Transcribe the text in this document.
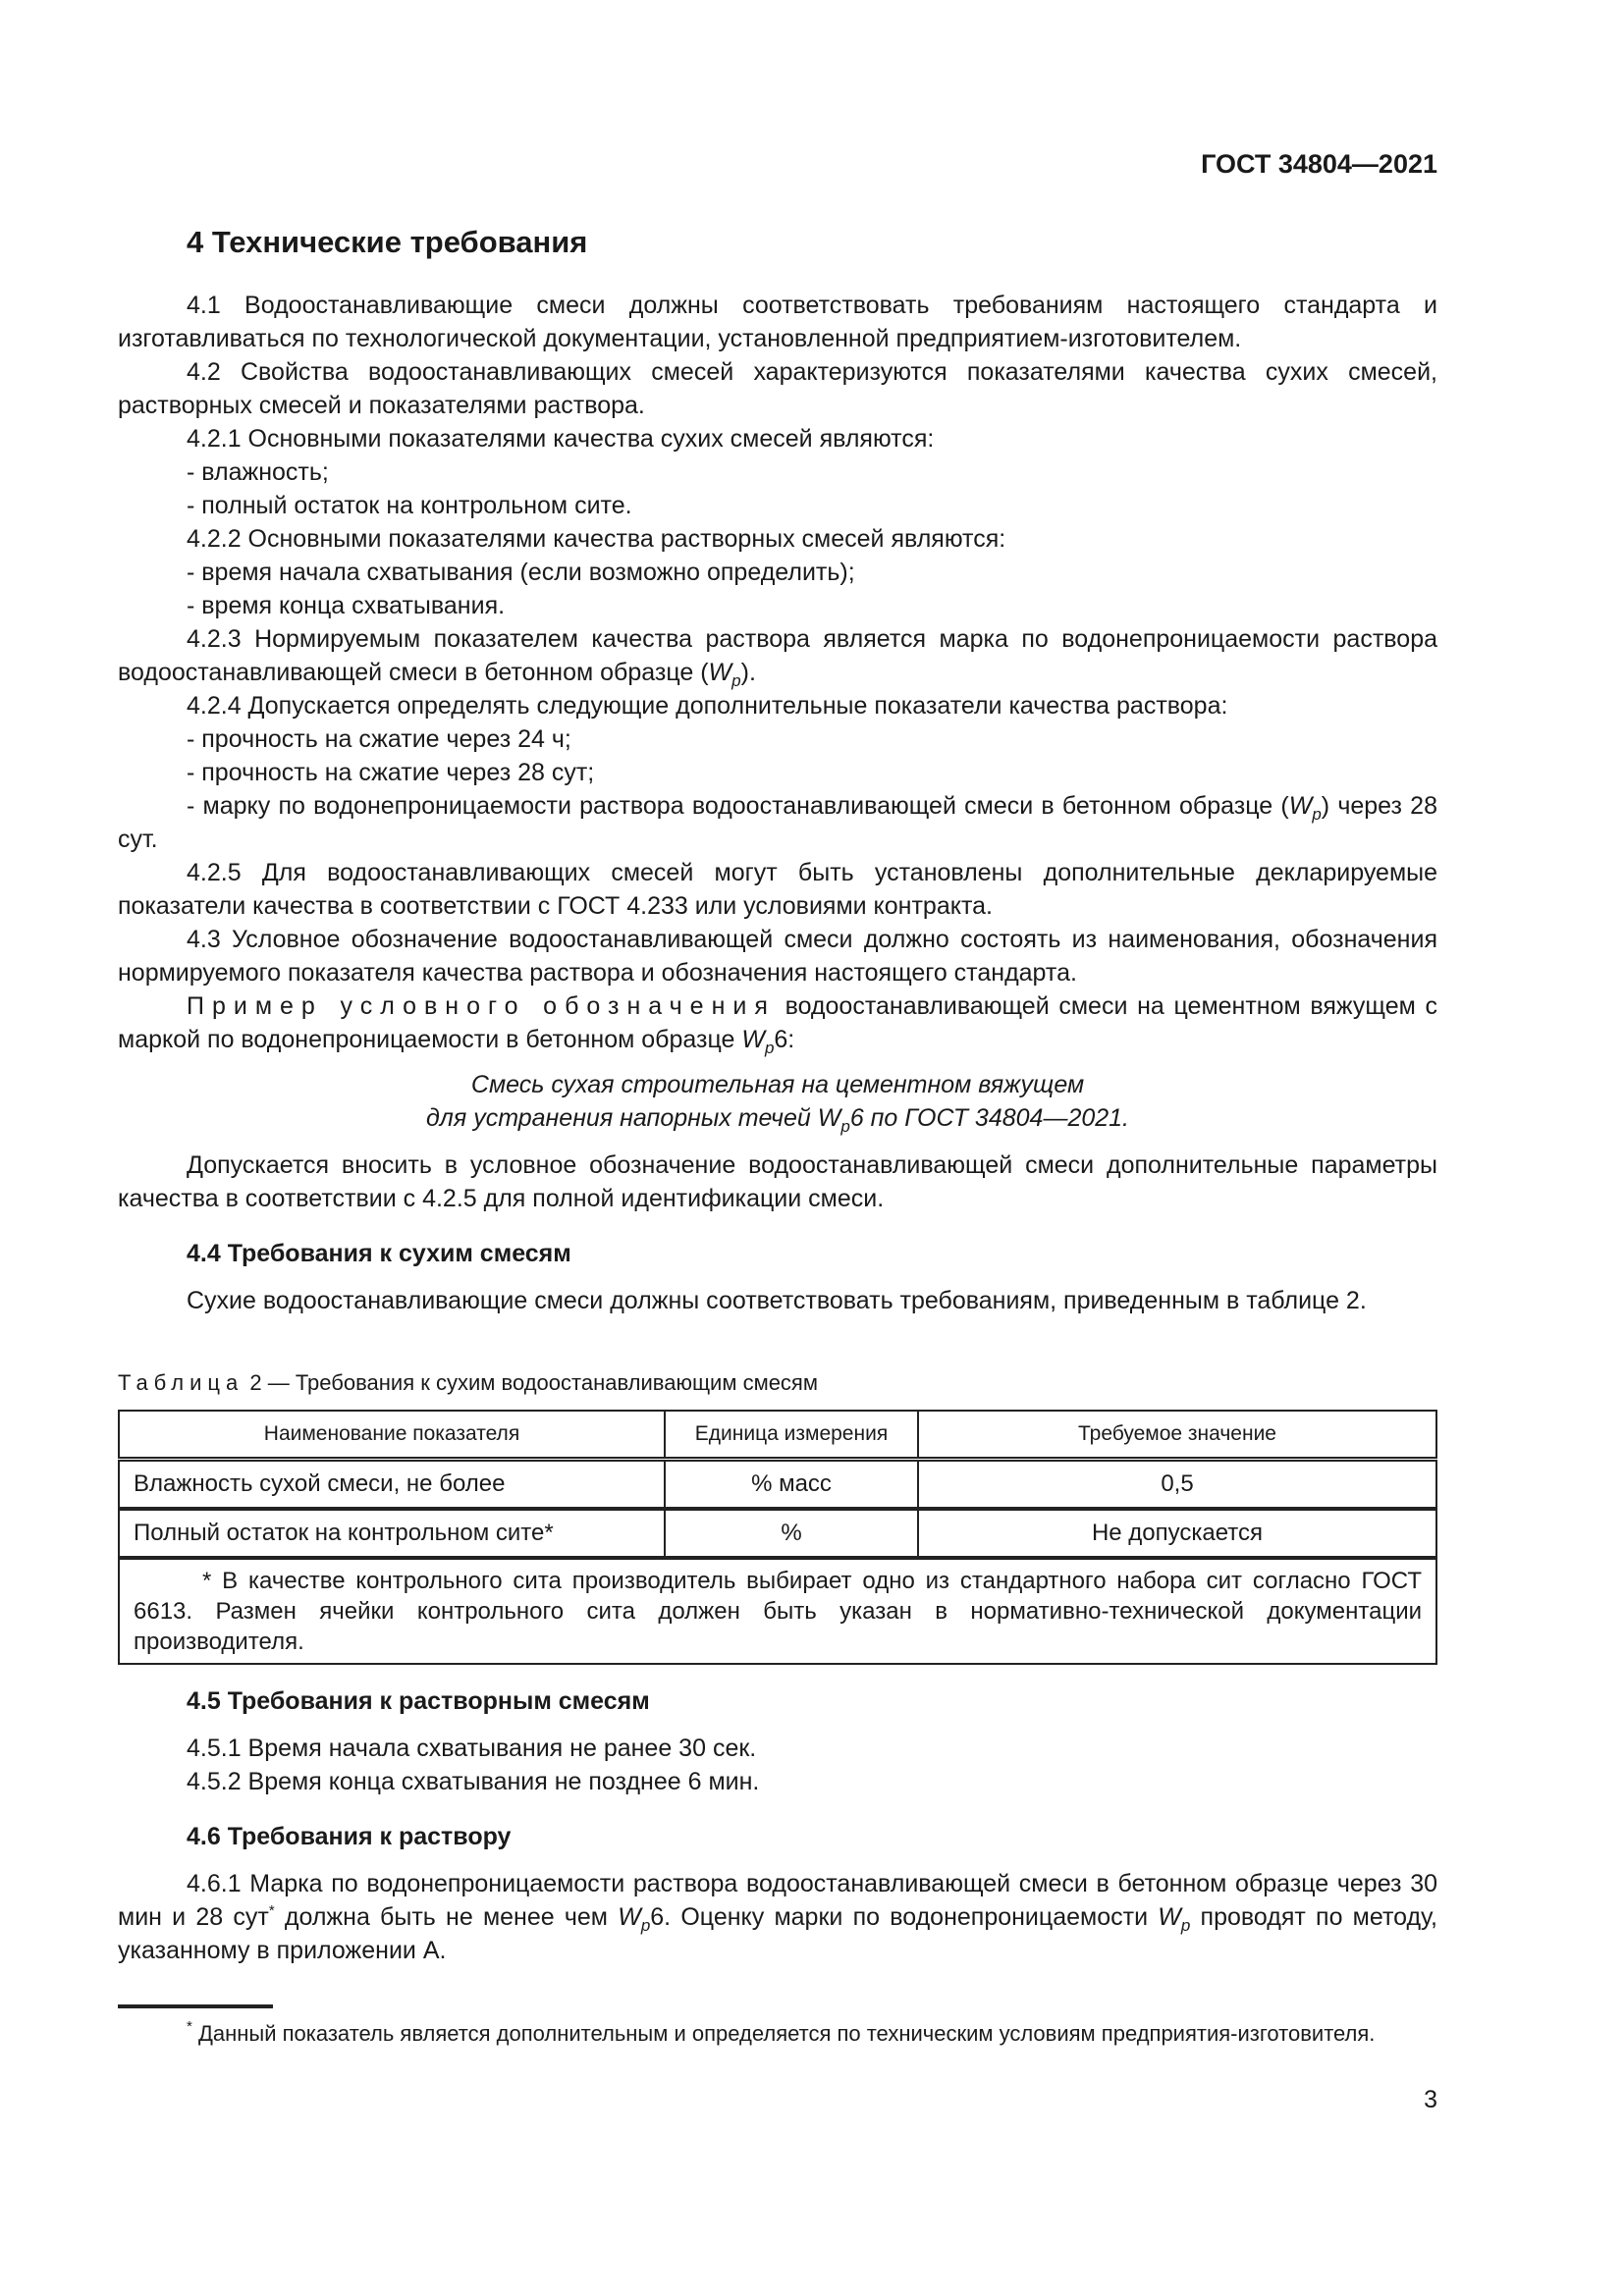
ГОСТ 34804—2021
4 Технические требования

4.1 Водоостанавливающие смеси должны соответствовать требованиям настоящего стандарта и изготавливаться по технологической документации, установленной предприятием-изготовителем.

4.2 Свойства водоостанавливающих смесей характеризуются показателями качества сухих смесей, растворных смесей и показателями раствора.

4.2.1 Основными показателями качества сухих смесей являются:

- влажность;

- полный остаток на контрольном сите.

4.2.2 Основными показателями качества растворных смесей являются:

- время начала схватывания (если возможно определить);

- время конца схватывания.

4.2.3 Нормируемым показателем качества раствора является марка по водонепроницаемости раствора водоостанавливающей смеси в бетонном образце $(W_p)$.

4.2.4 Допускается определять следующие дополнительные показатели качества раствора:

- прочность на сжатие через 24 ч;

- прочность на сжатие через 28 сут;

- марку по водонепроницаемости раствора водоостанавливающей смеси в бетонном образце $(W_p)$ через 28 сут.

4.2.5 Для водоостанавливающих смесей могут быть установлены дополнительные декларируемые показатели качества в соответствии с ГОСТ 4.233 или условиями контракта.

4.3 Условное обозначение водоостанавливающей смеси должно состоять из наименования, обозначения нормируемого показателя качества раствора и обозначения настоящего стандарта.

Пример условного обозначения водоостанавливающей смеси на цементном вяжущем с маркой по водонепроницаемости в бетонном образце $W_p6$:

Смесь сухая строительная на цементном вяжущем

для устранения напорных течей $W_p6$ по ГОСТ 34804—2021.

Допускается вносить в условное обозначение водоостанавливающей смеси дополнительные параметры качества в соответствии с 4.2.5 для полной идентификации смеси.

4.4 Требования к сухим смесям

Сухие водоостанавливающие смеси должны соответствовать требованиям, приведенным в таблице 2.

Таблица 2 — Требования к сухим водоостанавливающим смесям
Наименование показателя	Единица измерения	Требуемое значение
Влажность сухой смеси, не более	% масс	0,5
Полный остаток на контрольном сите*	%	Не допускается
* В качестве контрольного сита производитель выбирает одно из стандартного набора сит согласно ГОСТ 6613. Размен ячейки контрольного сита должен быть указан в нормативно-технической документации производителя.		

4.5 Требования к растворным смесям

4.5.1 Время начала схватывания не ранее 30 сек.

4.5.2 Время конца схватывания не позднее 6 мин.

4.6 Требования к раствору

4.6.1 Марка по водонепроницаемости раствора водоостанавливающей смеси в бетонном образце через 30 мин и 28 сут* должна быть не менее чем $W_p6$. Оценку марки по водонепроницаемости $W_p$ проводят по методу, указанному в приложении А.

* Данный показатель является дополнительным и определяется по техническим условиям предприятия-изготовителя.
3
